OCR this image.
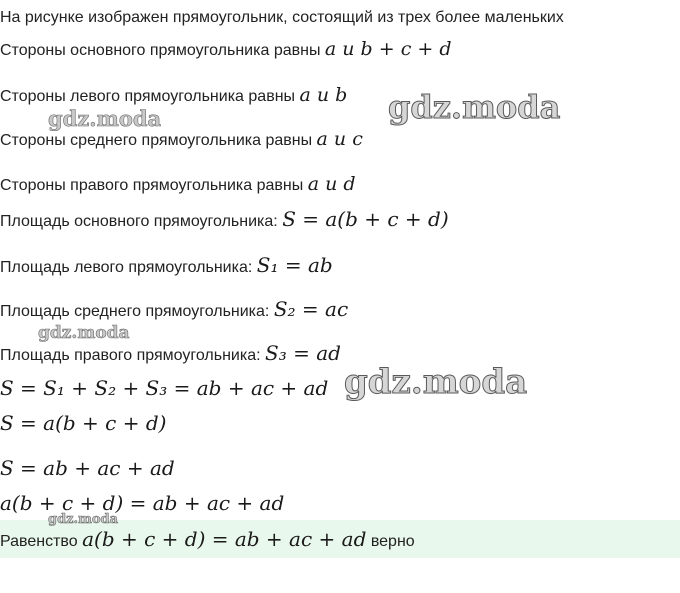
На рисунке изображен прямоугольник, состоящий из трех более маленьких
Стороны основного прямоугольника равны a и b + c + d
Стороны левого прямоугольника равны a и b
Стороны среднего прямоугольника равны a и c
Стороны правого прямоугольника равны a и d
Площадь основного прямоугольника: S = a(b + c + d)
Площадь левого прямоугольника: S₁ = ab
Площадь среднего прямоугольника: S₂ = ac
Площадь правого прямоугольника: S₃ = ad
S = S₁ + S₂ + S₃ = ab + ac + ad
S = a(b + c + d)
S = ab + ac + ad
a(b + c + d) = ab + ac + ad
Равенство a(b + c + d) = ab + ac + ad верно
gdz.moda
gdz.moda
gdz.moda
gdz.moda
gdz.moda
